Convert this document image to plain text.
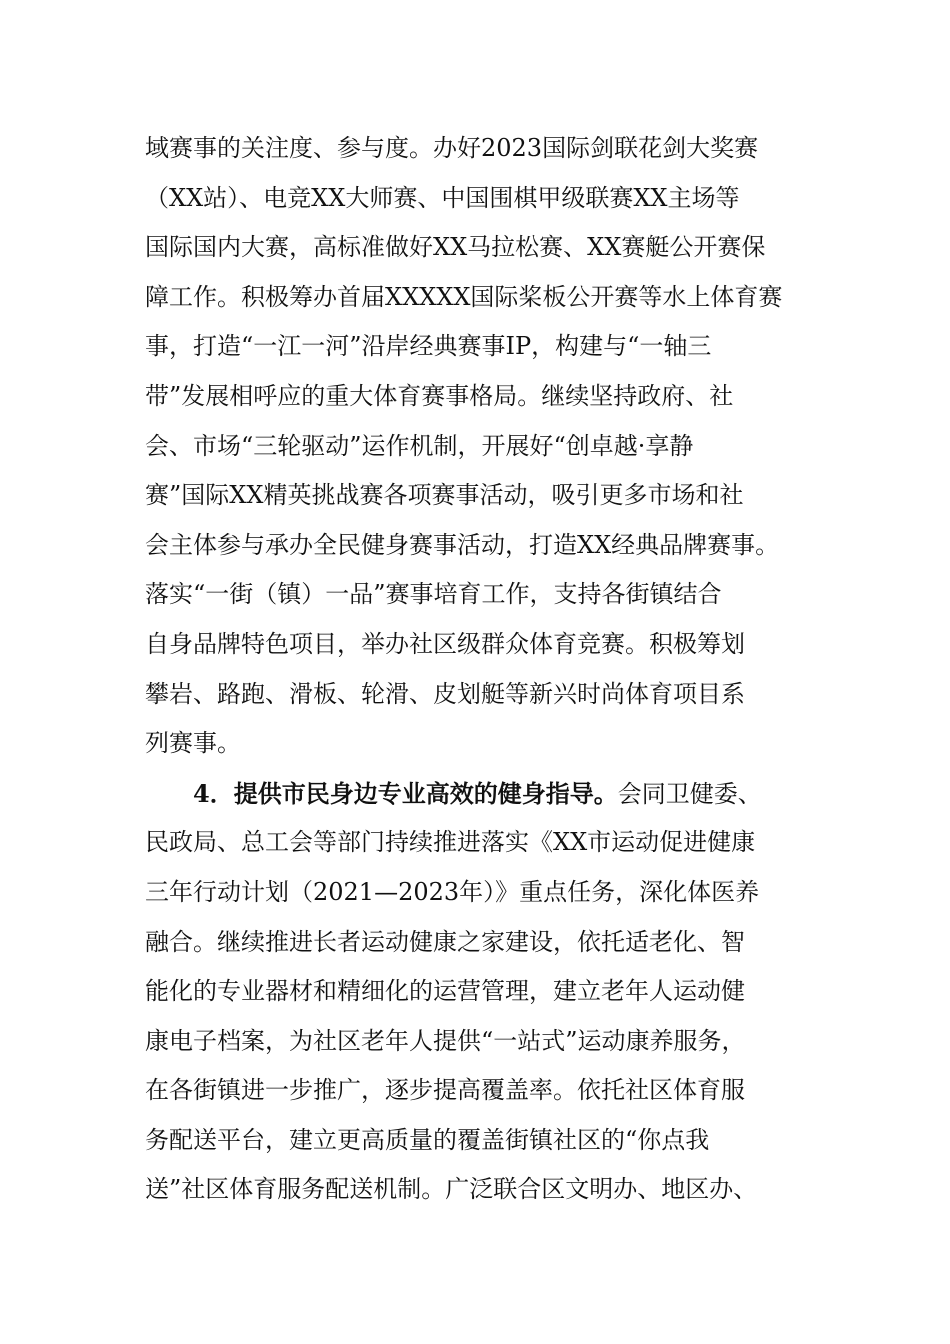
域赛事的关注度、参与度。办好2023国际剑联花剑大奖赛
（XX站）、电竞XX大师赛、中国围棋甲级联赛XX主场等
国际国内大赛，高标准做好XX马拉松赛、XX赛艇公开赛保
障工作。积极筹办首届XXXXX国际桨板公开赛等水上体育赛
事，打造“一江一河”沿岸经典赛事IP，构建与“一轴三
带”发展相呼应的重大体育赛事格局。继续坚持政府、社
会、市场“三轮驱动”运作机制，开展好“创卓越·享静
赛”国际XX精英挑战赛各项赛事活动，吸引更多市场和社
会主体参与承办全民健身赛事活动，打造XX经典品牌赛事。
落实“一街（镇）一品”赛事培育工作，支持各街镇结合
自身品牌特色项目，举办社区级群众体育竞赛。积极筹划
攀岩、路跑、滑板、轮滑、皮划艇等新兴时尚体育项目系
列赛事。
4．提供市民身边专业高效的健身指导。会同卫健委、
民政局、总工会等部门持续推进落实《XX市运动促进健康
三年行动计划（2021—2023年）》重点任务，深化体医养
融合。继续推进长者运动健康之家建设，依托适老化、智
能化的专业器材和精细化的运营管理，建立老年人运动健
康电子档案，为社区老年人提供“一站式”运动康养服务，
在各街镇进一步推广，逐步提高覆盖率。依托社区体育服
务配送平台，建立更高质量的覆盖街镇社区的“你点我
送”社区体育服务配送机制。广泛联合区文明办、地区办、
